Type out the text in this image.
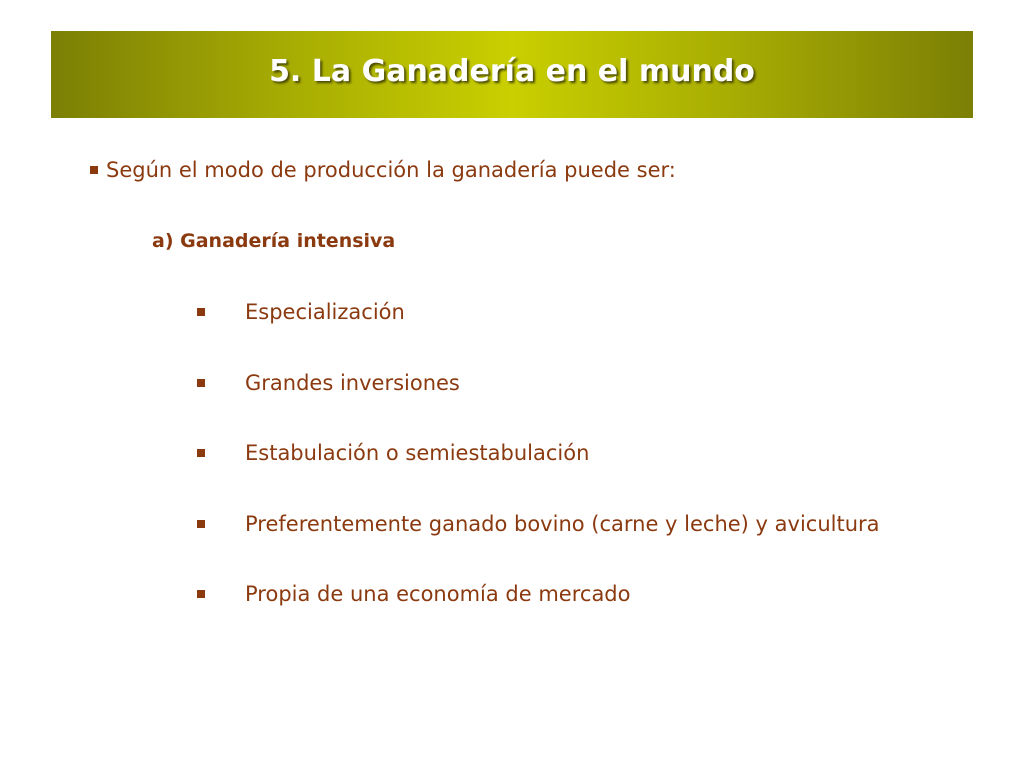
5. La Ganadería en el mundo
Según el modo de producción la ganadería puede ser:
a) Ganadería intensiva
Especialización
Grandes inversiones
Estabulación o semiestabulación
Preferentemente ganado bovino (carne y leche) y avicultura
Propia de una economía de mercado
